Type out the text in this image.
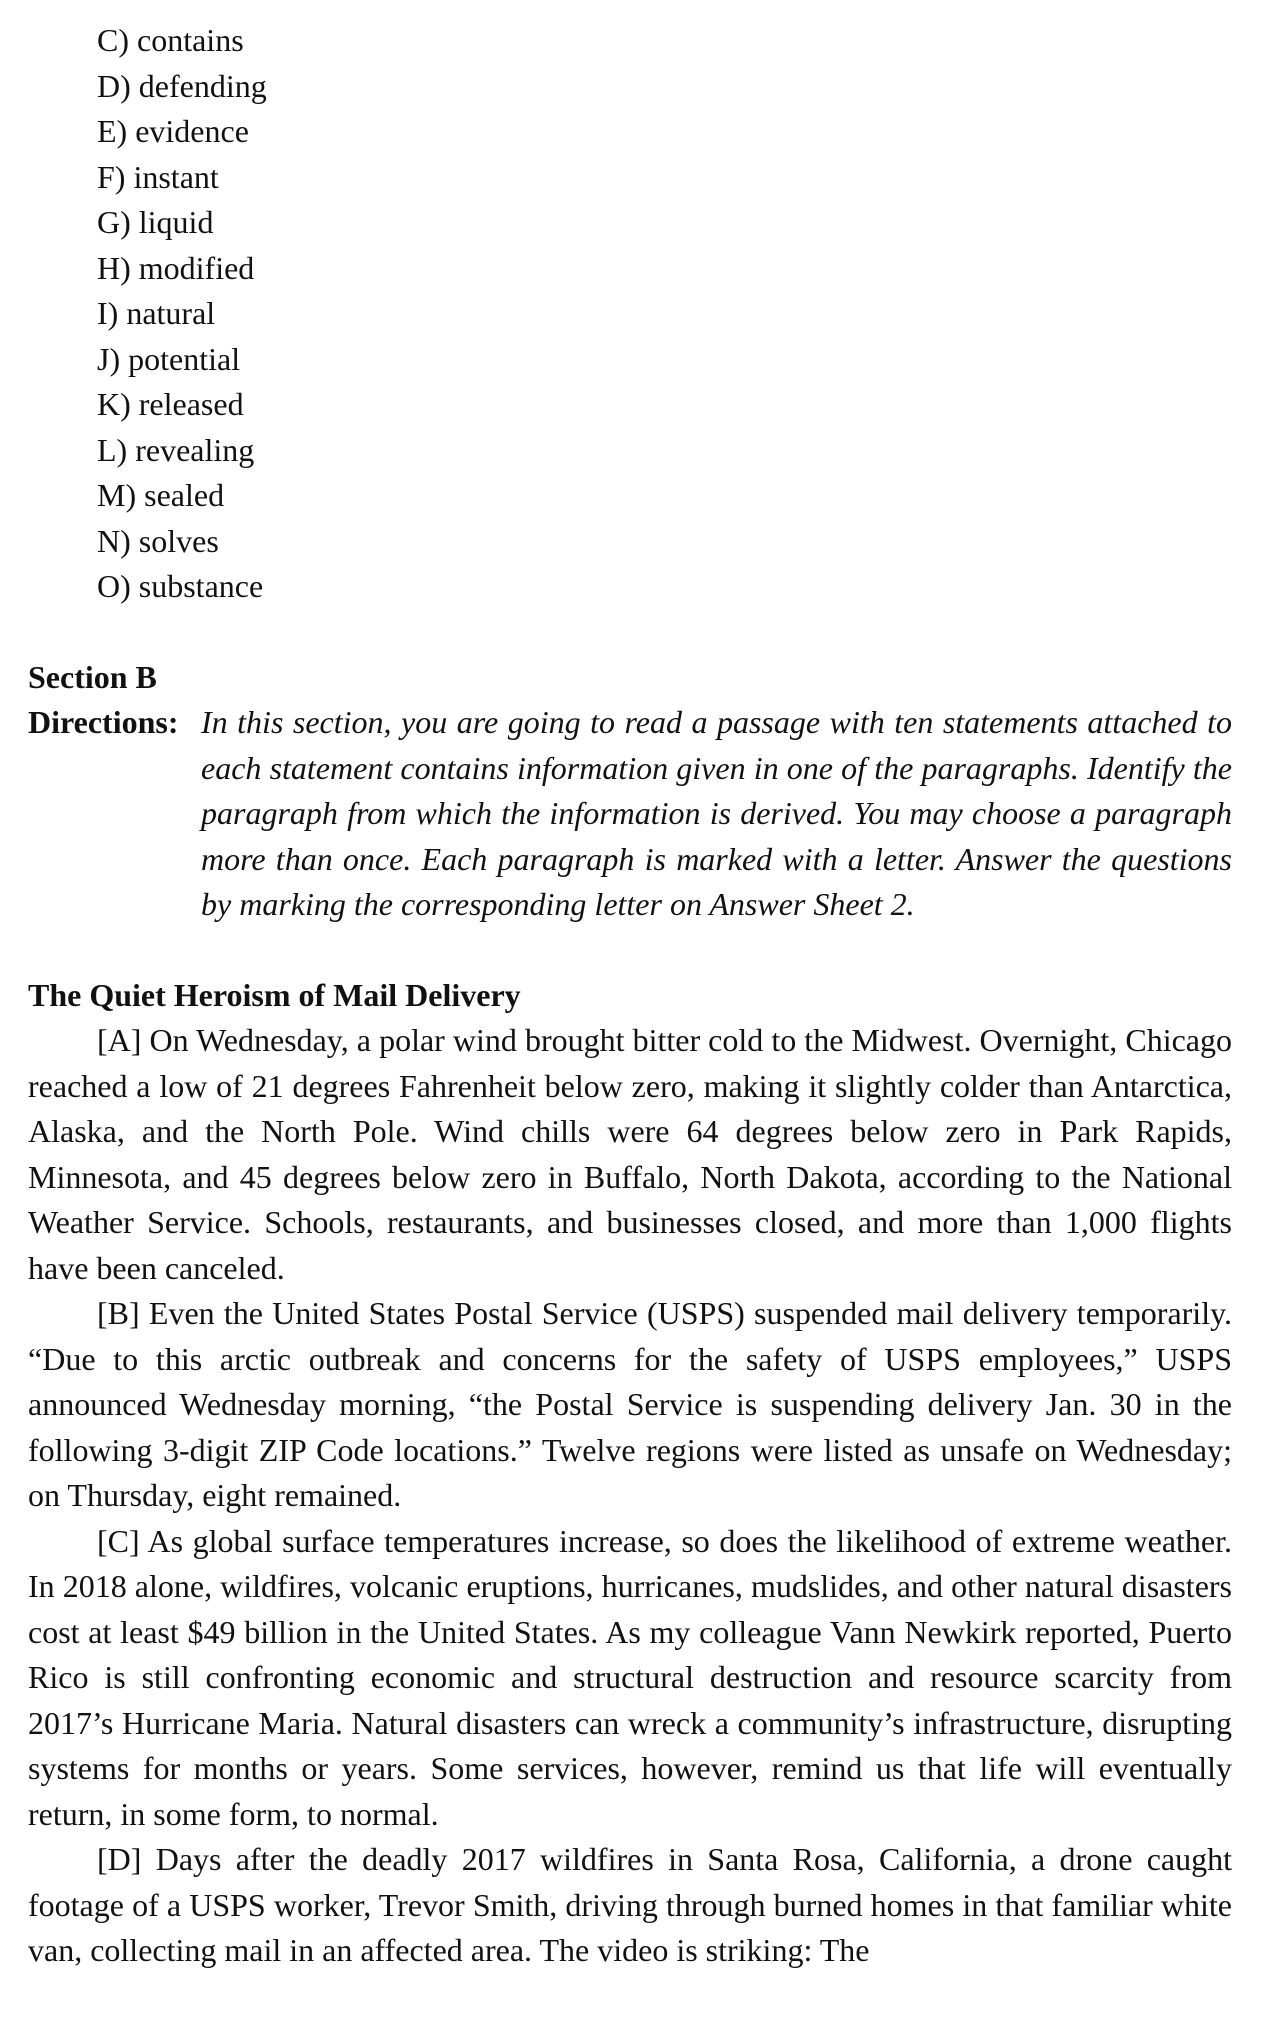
C) contains
D) defending
E) evidence
F) instant
G) liquid
H) modified
I) natural
J) potential
K) released
L) revealing
M) sealed
N) solves
O) substance
Section B
Directions: In this section, you are going to read a passage with ten statements attached to each statement contains information given in one of the paragraphs. Identify the paragraph from which the information is derived. You may choose a paragraph more than once. Each paragraph is marked with a letter. Answer the questions by marking the corresponding letter on Answer Sheet 2.
The Quiet Heroism of Mail Delivery

[A] On Wednesday, a polar wind brought bitter cold to the Midwest. Overnight, Chicago reached a low of 21 degrees Fahrenheit below zero, making it slightly colder than Antarctica, Alaska, and the North Pole. Wind chills were 64 degrees below zero in Park Rapids, Minnesota, and 45 degrees below zero in Buffalo, North Dakota, according to the National Weather Service. Schools, restaurants, and businesses closed, and more than 1,000 flights have been canceled.

[B] Even the United States Postal Service (USPS) suspended mail delivery temporarily. “Due to this arctic outbreak and concerns for the safety of USPS employees,” USPS announced Wednesday morning, “the Postal Service is suspending delivery Jan. 30 in the following 3-digit ZIP Code locations.” Twelve regions were listed as unsafe on Wednesday; on Thursday, eight remained.

[C] As global surface temperatures increase, so does the likelihood of extreme weather. In 2018 alone, wildfires, volcanic eruptions, hurricanes, mudslides, and other natural disasters cost at least $49 billion in the United States. As my colleague Vann Newkirk reported, Puerto Rico is still confronting economic and structural destruction and resource scarcity from 2017’s Hurricane Maria. Natural disasters can wreck a community’s infrastructure, disrupting systems for months or years. Some services, however, remind us that life will eventually return, in some form, to normal.

[D] Days after the deadly 2017 wildfires in Santa Rosa, California, a drone caught footage of a USPS worker, Trevor Smith, driving through burned homes in that familiar white van, collecting mail in an affected area. The video is striking: The
